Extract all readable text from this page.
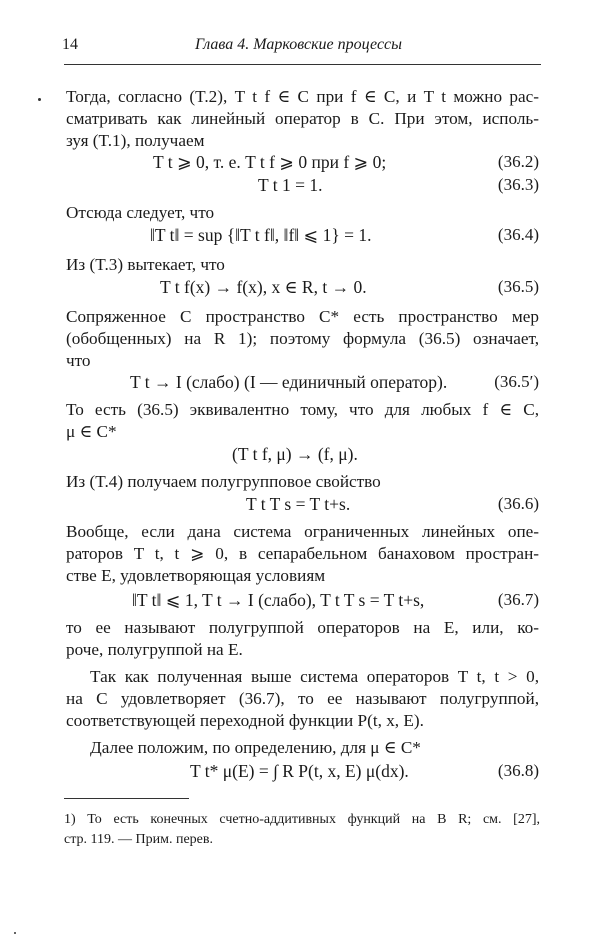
14	Глава 4. Марковские процессы
Тогда, согласно (T.2), T t f ∈ C при f ∈ C, и T t можно рас-
сматривать как линейный оператор в C. При этом, исполь-
зуя (T.1), получаем
T t ⩾ 0, т. е. T t f ⩾ 0 при f ⩾ 0;	(36.2)
T t 1 = 1.	(36.3)
Отсюда следует, что
‖T t‖ = sup {‖T t f‖, ‖f‖ ⩽ 1} = 1.	(36.4)
Из (T.3) вытекает, что
T t f(x) → f(x), x ∈ R, t → 0.	(36.5)
Сопряженное C пространство C* есть пространство мер
(обобщенных) на R 1); поэтому формула (36.5) означает,
что
T t → I (слабо) (I — единичный оператор).	(36.5′)
То есть (36.5) эквивалентно тому, что для любых f ∈ C,
μ ∈ C*
(T t f, μ) → (f, μ).
Из (T.4) получаем полугрупповое свойство
T t T s = T t+s.	(36.6)
Вообще, если дана система ограниченных линейных опе-
раторов T t, t ⩾ 0, в сепарабельном банаховом простран-
стве E, удовлетворяющая условиям
‖T t‖ ⩽ 1, T t → I (слабо), T t T s = T t+s,	(36.7)
то ее называют полугруппой операторов на E, или, ко-
роче, полугруппой на E.
Так как полученная выше система операторов T t, t > 0,
на C удовлетворяет (36.7), то ее называют полугруппой,
соответствующей переходной функции P(t, x, E).
Далее положим, по определению, для μ ∈ C*
T t* μ(E) = ∫ R P(t, x, E) μ(dx).	(36.8)
1) То есть конечных счетно-аддитивных функций на B R; см. [27],
стр. 119. — Прим. перев.
